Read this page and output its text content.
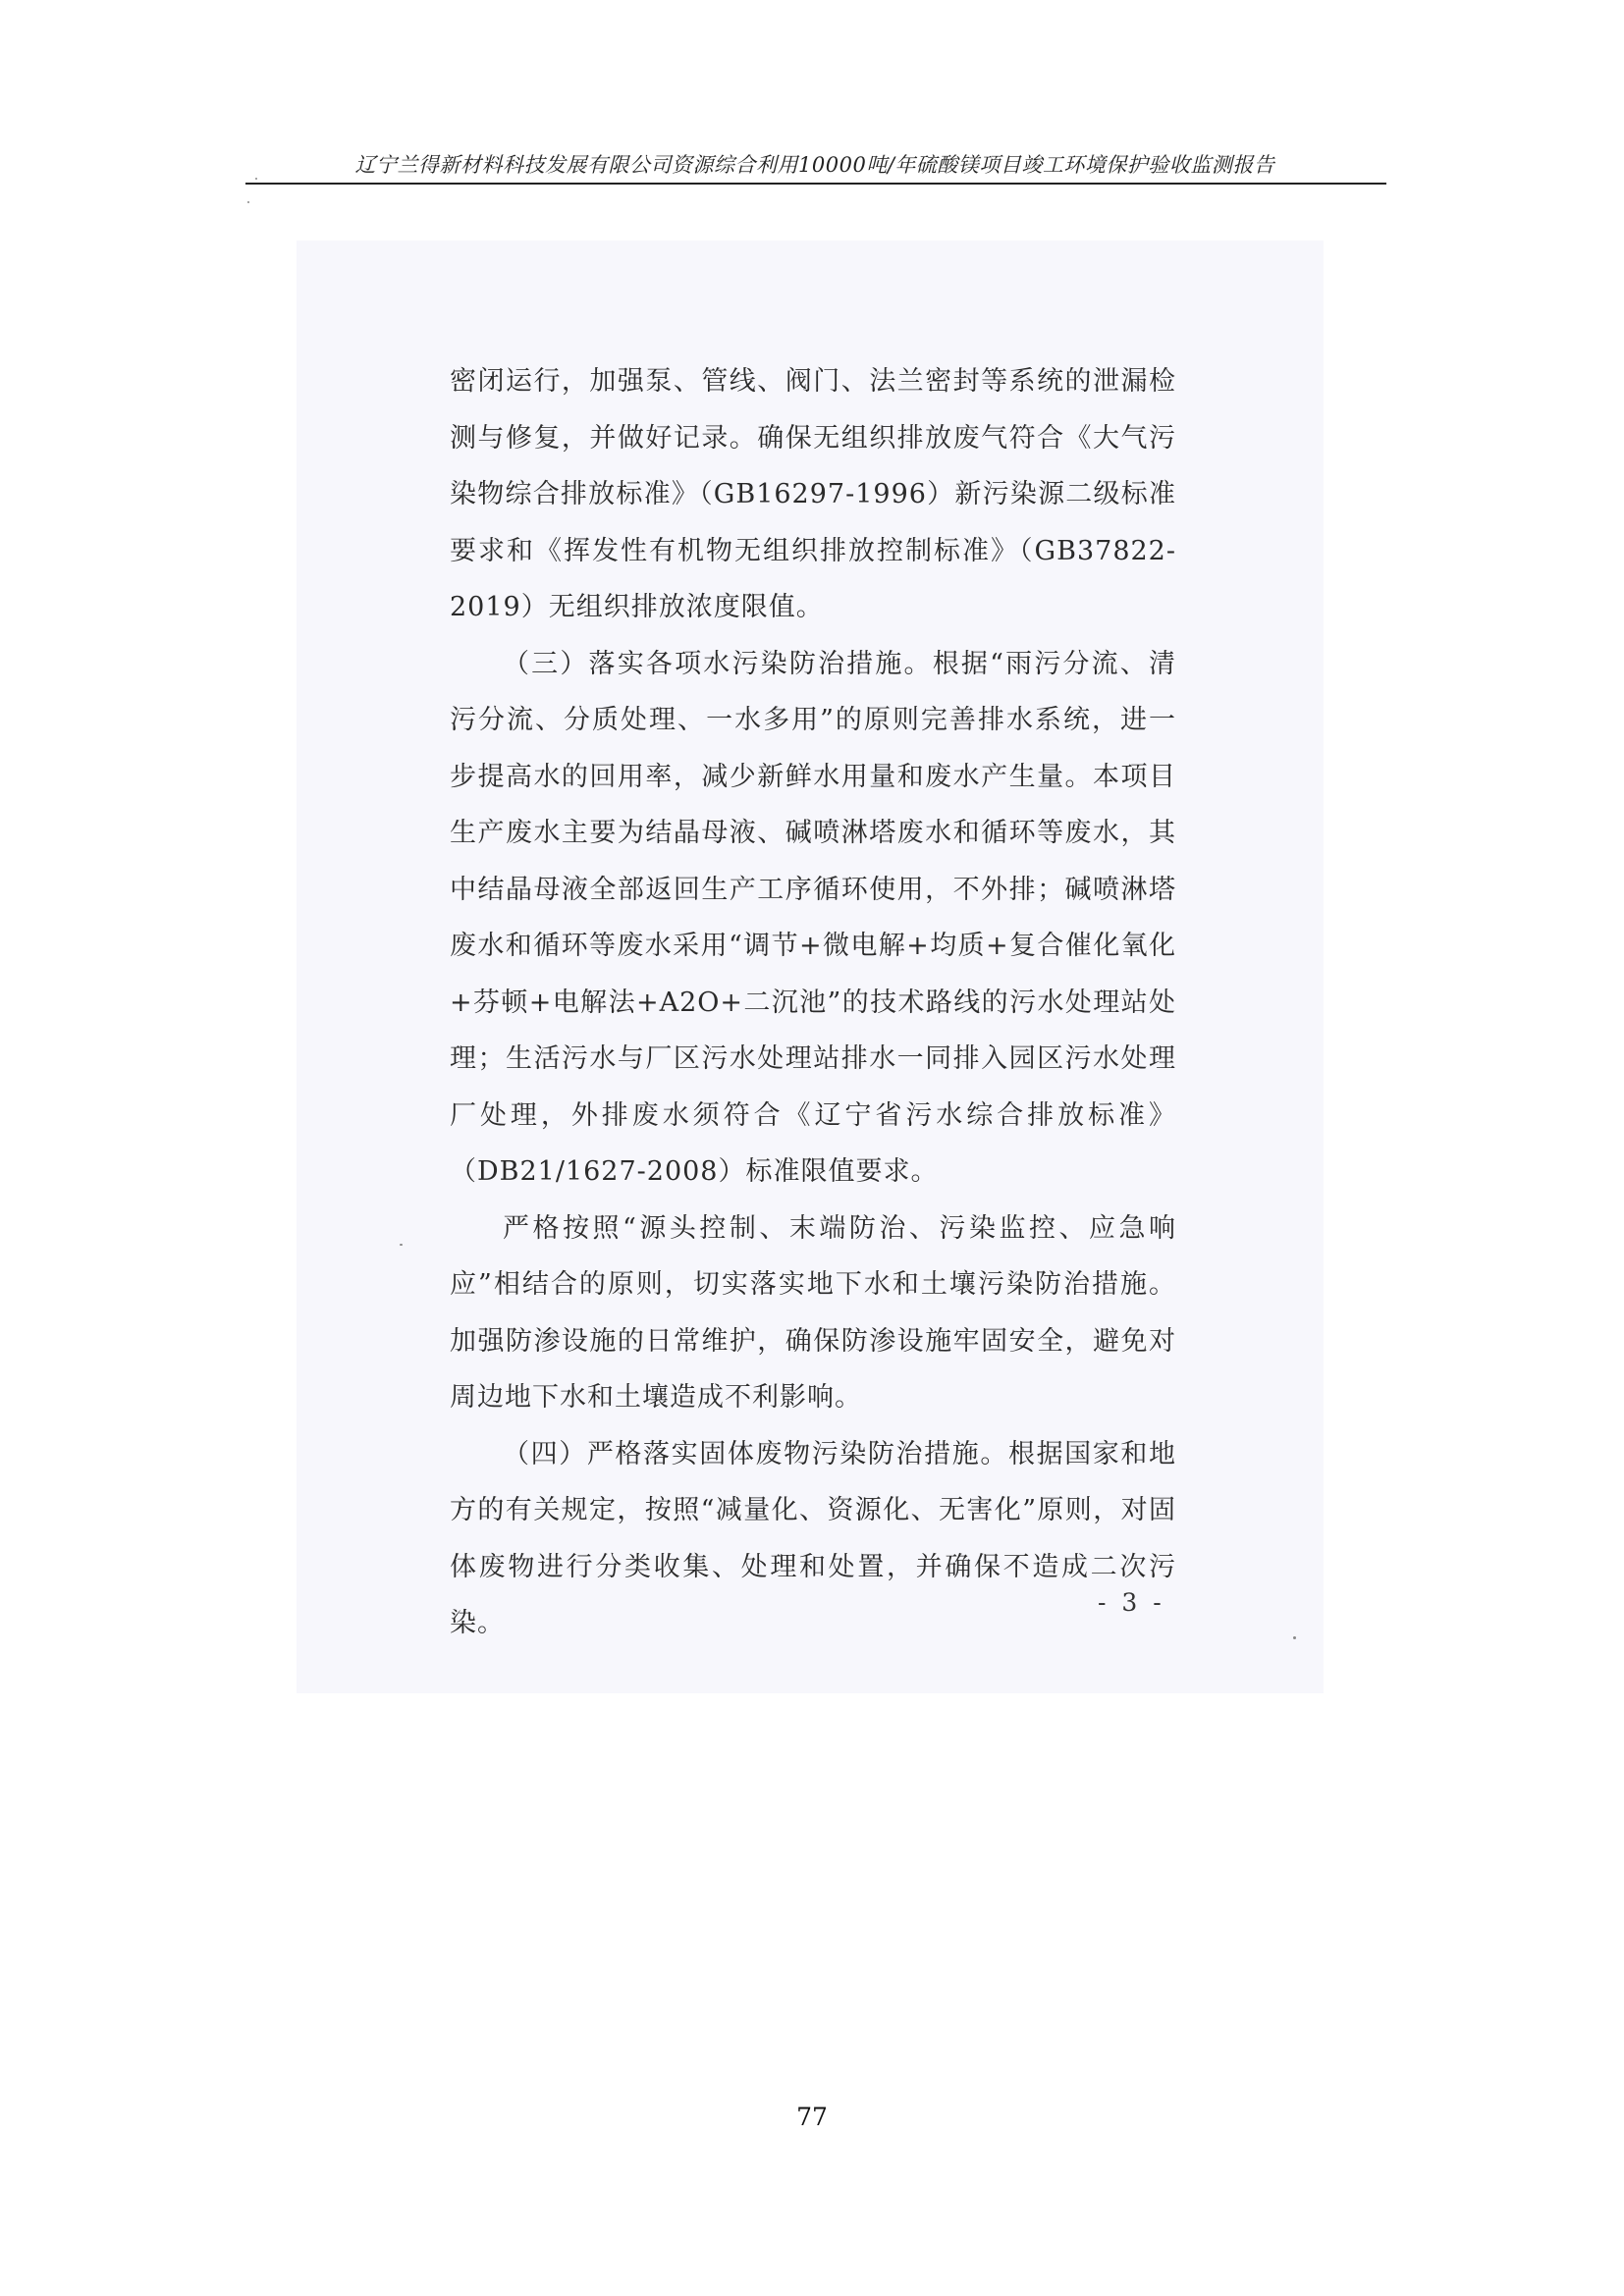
辽宁兰得新材料科技发展有限公司资源综合利用10000吨/年硫酸镁项目竣工环境保护验收监测报告

密闭运行，加强泵、管线、阀门、法兰密封等系统的泄漏检测与修复，并做好记录。确保无组织排放废气符合《大气污染物综合排放标准》（GB16297-1996）新污染源二级标准要求和《挥发性有机物无组织排放控制标准》（GB37822-2019）无组织排放浓度限值。

（三）落实各项水污染防治措施。根据“雨污分流、清污分流、分质处理、一水多用”的原则完善排水系统，进一步提高水的回用率，减少新鲜水用量和废水产生量。本项目生产废水主要为结晶母液、碱喷淋塔废水和循环等废水，其中结晶母液全部返回生产工序循环使用，不外排；碱喷淋塔废水和循环等废水采用“调节+微电解+均质+复合催化氧化+芬顿+电解法+A2O+二沉池”的技术路线的污水处理站处理；生活污水与厂区污水处理站排水一同排入园区污水处理厂处理，外排废水须符合《辽宁省污水综合排放标准》（DB21/1627-2008）标准限值要求。

严格按照“源头控制、末端防治、污染监控、应急响应”相结合的原则，切实落实地下水和土壤污染防治措施。加强防渗设施的日常维护，确保防渗设施牢固安全，避免对周边地下水和土壤造成不利影响。

（四）严格落实固体废物污染防治措施。根据国家和地方的有关规定，按照“减量化、资源化、无害化”原则，对固体废物进行分类收集、处理和处置，并确保不造成二次污染。

- 3 -
77
